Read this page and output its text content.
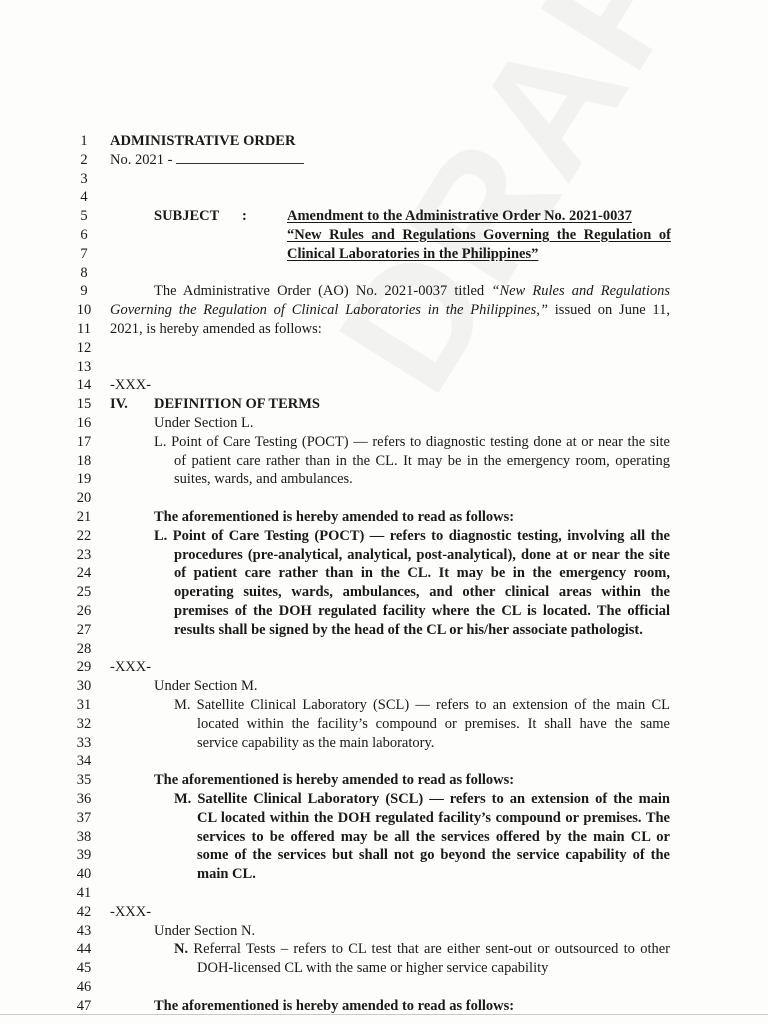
1	ADMINISTRATIVE ORDER
2	No. 2021 -
3
4
5	SUBJECT :	Amendment to the Administrative Order No. 2021-0037
6	“New Rules and Regulations Governing the Regulation of
7	Clinical Laboratories in the Philippines”
8
9	The Administrative Order (AO) No. 2021-0037 titled “New Rules and Regulations
10	Governing the Regulation of Clinical Laboratories in the Philippines,” issued on June 11,
11	2021, is hereby amended as follows:
12
13
14	-XXX-
15	IV. DEFINITION OF TERMS
16	Under Section L.
17	L. Point of Care Testing (POCT) — refers to diagnostic testing done at or near the site
18	of patient care rather than in the CL. It may be in the emergency room, operating
19	suites, wards, and ambulances.
20
21	The aforementioned is hereby amended to read as follows:
22	L. Point of Care Testing (POCT) — refers to diagnostic testing, involving all the
23	procedures (pre-analytical, analytical, post-analytical), done at or near the site
24	of patient care rather than in the CL. It may be in the emergency room,
25	operating suites, wards, ambulances, and other clinical areas within the
26	premises of the DOH regulated facility where the CL is located. The official
27	results shall be signed by the head of the CL or his/her associate pathologist.
28
29	-XXX-
30	Under Section M.
31	M. Satellite Clinical Laboratory (SCL) — refers to an extension of the main CL
32	located within the facility’s compound or premises. It shall have the same
33	service capability as the main laboratory.
34
35	The aforementioned is hereby amended to read as follows:
36	M. Satellite Clinical Laboratory (SCL) — refers to an extension of the main
37	CL located within the DOH regulated facility’s compound or premises. The
38	services to be offered may be all the services offered by the main CL or
39	some of the services but shall not go beyond the service capability of the
40	main CL.
41
42	-XXX-
43	Under Section N.
44	N. Referral Tests – refers to CL test that are either sent-out or outsourced to other
45	DOH-licensed CL with the same or higher service capability
46
47	The aforementioned is hereby amended to read as follows:
